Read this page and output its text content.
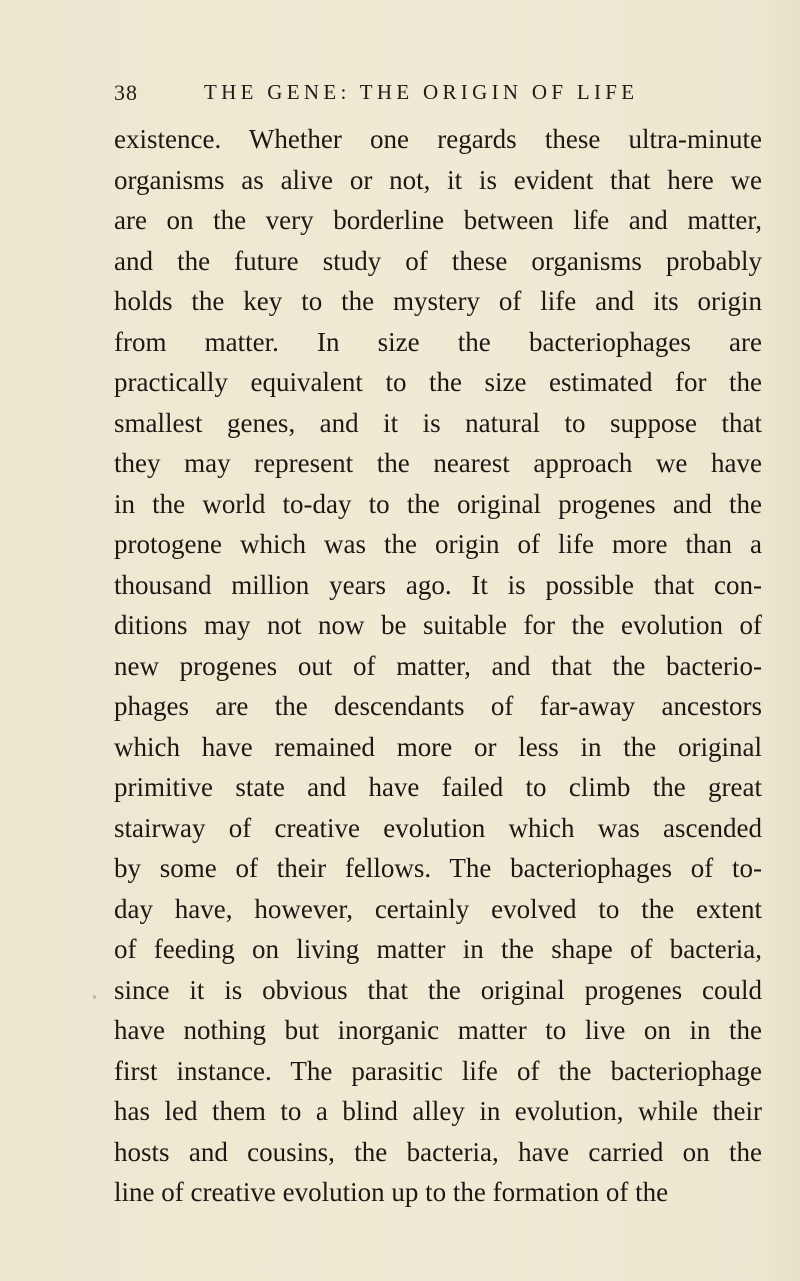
38	THE GENE: THE ORIGIN OF LIFE
existence. Whether one regards these ultra-minute
organisms as alive or not, it is evident that here we
are on the very borderline between life and matter,
and the future study of these organisms probably
holds the key to the mystery of life and its origin
from matter. In size the bacteriophages are
practically equivalent to the size estimated for the
smallest genes, and it is natural to suppose that
they may represent the nearest approach we have
in the world to-day to the original progenes and the
protogene which was the origin of life more than a
thousand million years ago. It is possible that con-
ditions may not now be suitable for the evolution of
new progenes out of matter, and that the bacterio-
phages are the descendants of far-away ancestors
which have remained more or less in the original
primitive state and have failed to climb the great
stairway of creative evolution which was ascended
by some of their fellows. The bacteriophages of to-
day have, however, certainly evolved to the extent
of feeding on living matter in the shape of bacteria,
since it is obvious that the original progenes could
have nothing but inorganic matter to live on in the
first instance. The parasitic life of the bacteriophage
has led them to a blind alley in evolution, while their
hosts and cousins, the bacteria, have carried on the
line of creative evolution up to the formation of the
